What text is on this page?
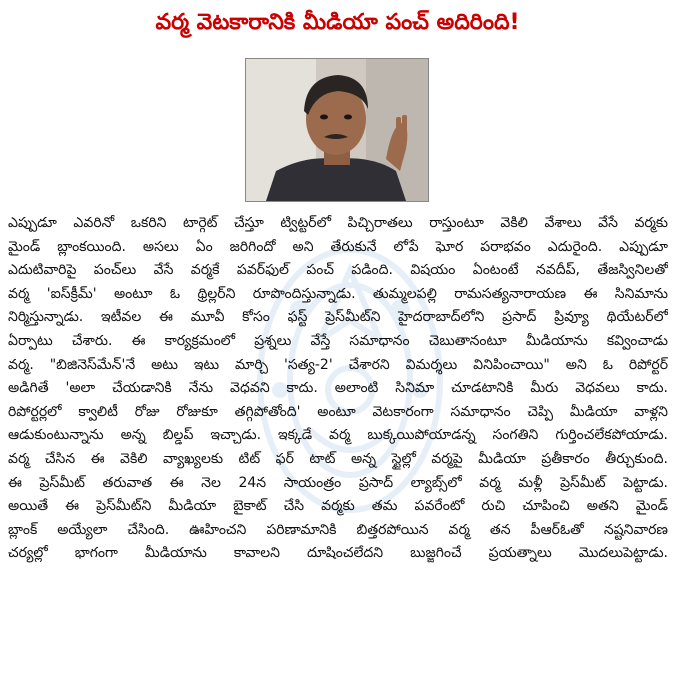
వర్మ వెటకారానికి మీడియా పంచ్ అదిరింది!
ఎప్పుడూ ఎవరినో ఒకరిని టార్గెట్ చేస్తూ ట్విట్టర్‌లో పిచ్చిరాతలు రాస్తుంటూ వెకిలి వేశాలు వేసే వర్మకు
మైండ్ బ్లాంకయింది. అసలు ఏం జరిగిందో అని తేరుకునే లోపే ఘోర పరాభవం ఎదురైంది. ఎప్పుడూ
ఎదుటివారిపై పంచ్‌లు వేసే వర్మకే పవర్‌ఫుల్ పంచ్ పడింది. విషయం ఏంటంటే నవదీప్, తేజస్వినిలతో
వర్మ 'ఐస్‌క్రీమ్' అంటూ ఓ థ్రిల్లర్‌ని రూపొందిస్తున్నాడు. తుమ్మలపల్లి రామసత్యనారాయణ ఈ సినిమాను
నిర్మిస్తున్నాడు. ఇటీవల ఈ మూవీ కోసం ఫస్ట్ ప్రెస్‌మీట్‌ని హైదరాబాద్‌లోని ప్రసాద్ ప్రివ్యూ థియేటర్‌లో
ఏర్పాటు చేశారు. ఈ కార్యక్రమంలో ప్రశ్నలు వేస్తే సమాధానం చెబుతానంటూ మీడియాను కవ్వించాడు
వర్మ. "బిజినెస్‌మేన్'నే అటు ఇటు మార్చి 'సత్య-2' చేశారని విమర్శలు వినిపించాయి" అని ఓ రిపోర్టర్
అడిగితే 'అలా చేయడానికి నేను వెధవని కాదు. అలాంటి సినిమా చూడటానికి మీరు వెధవలు కాదు.
రిపోర్టర్లలో క్వాలిటీ రోజు రోజుకూ తగ్గిపోతోంది' అంటూ వెటకారంగా సమాధానం చెప్పి మీడియా వాళ్లని
ఆడుకుంటున్నాను అన్న బిల్డప్ ఇచ్చాడు. ఇక్కడే వర్మ బుక్కయిపోయాడన్న సంగతిని గుర్తించలేకపోయాడు.
వర్మ చేసిన ఈ వెకిలి వ్యాఖ్యలకు టిట్ ఫర్ టాట్ అన్న స్టైల్లో వర్మపై మీడియా ప్రతీకారం తీర్చుకుంది.
ఈ ప్రెస్‌మీట్ తరువాత ఈ నెల 24న సాయంత్రం ప్రసాద్ ల్యాబ్స్‌లో వర్మ మళ్లీ ప్రెస్‌మీట్ పెట్టాడు.
అయితే ఈ ప్రెస్‌మీట్‌ని మీడియా బైకాట్ చేసి వర్మకు తమ పవరేంటో రుచి చూపించి అతని మైండ్
బ్లాంక్ అయ్యేలా చేసింది. ఊహించని పరిణామానికి బిత్తరపోయిన వర్మ తన పీఆర్ఓతో నష్టనివారణ
చర్యల్లో భాగంగా మీడియాను కావాలని దూషించలేదని బుజ్జగించే ప్రయత్నాలు మొదలుపెట్టాడు.
